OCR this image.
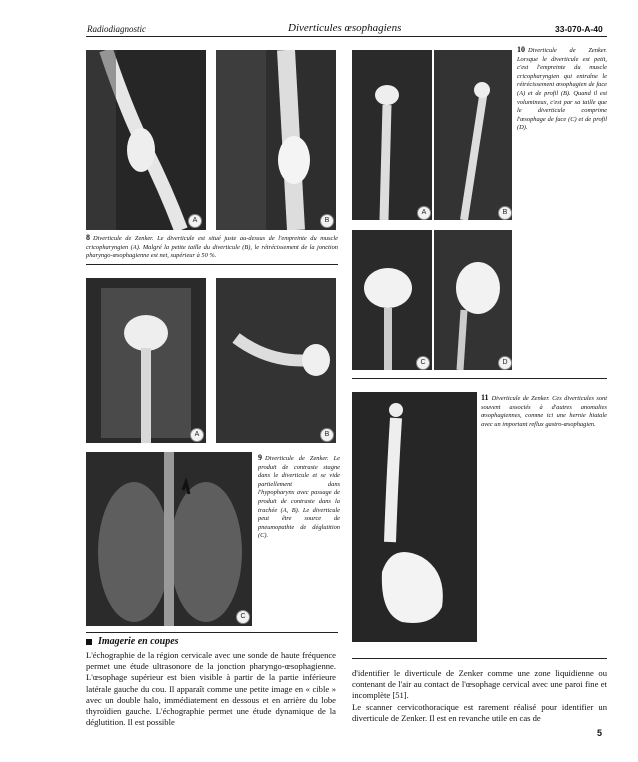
Radiodiagnostic	Diverticules œsophagiens	33-070-A-40
A	B
8 Diverticule de Zenker. Le diverticule est situé juste au-dessus de l'empreinte du muscle cricopharyngien (A). Malgré la petite taille du diverticule (B), le rétrécissement de la jonction pharyngo-œsophagienne est net, supérieur à 50 %.
A	B
C
9 Diverticule de Zenker. Le produit de contraste stagne dans le diverticule et se vide partiellement dans l'hypopharynx avec passage de produit de contraste dans la trachée (A, B). Le diverticule peut être source de pneumopathie de déglutition (C).
A	B
C	D
10 Diverticule de Zenker. Lorsque le diverticule est petit, c'est l'empreinte du muscle cricopharyngien qui entraîne le rétrécissement œsophagien de face (A) et de profil (B). Quand il est volumineux, c'est par sa taille que le diverticule comprime l'œsophage de face (C) et de profil (D).
11 Diverticule de Zenker. Ces diverticules sont souvent associés à d'autres anomalies œsophagiennes, comme ici une hernie hiatale avec un important reflux gastro-œsophagien.
Imagerie en coupes
L'échographie de la région cervicale avec une sonde de haute fréquence permet une étude ultrasonore de la jonction pharyngo-œsophagienne. L'œsophage supérieur est bien visible à partir de la partie inférieure latérale gauche du cou. Il apparaît comme une petite image en « cible » avec un double halo, immédiatement en dessous et en arrière du lobe thyroïdien gauche. L'échographie permet une étude dynamique de la déglutition. Il est possible
d'identifier le diverticule de Zenker comme une zone liquidienne ou contenant de l'air au contact de l'œsophage cervical avec une paroi fine et incomplète [51].
Le scanner cervicothoracique est rarement réalisé pour identifier un diverticule de Zenker. Il est en revanche utile en cas de
5
